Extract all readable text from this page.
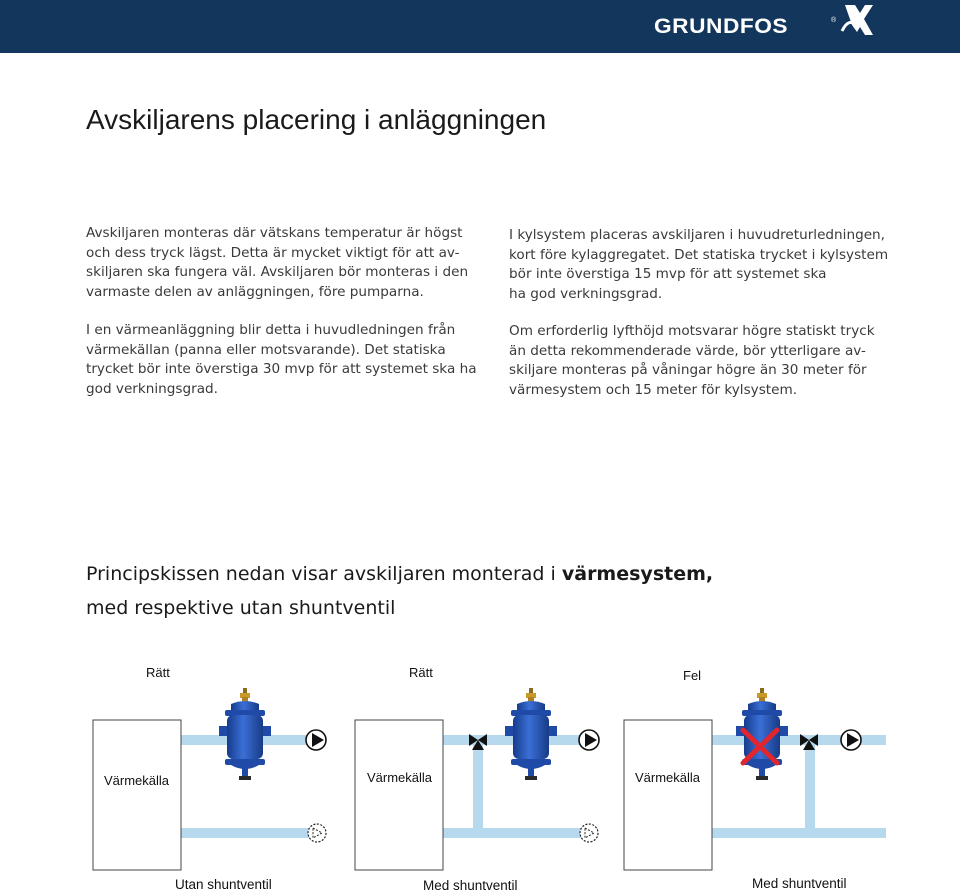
GRUNDFOS	®
Avskiljarens placering i anläggningen

Avskiljaren monteras där vätskans temperatur är högst
och dess tryck lägst. Detta är mycket viktigt för att av-
skiljaren ska fungera väl. Avskiljaren bör monteras i den
varmaste delen av anläggningen, före pumparna.

I en värmeanläggning blir detta i huvudledningen från
värmekällan (panna eller motsvarande). Det statiska
trycket bör inte överstiga 30 mvp för att systemet ska ha
god verkningsgrad.

I kylsystem placeras avskiljaren i huvudreturledningen,
kort före kylaggregatet. Det statiska trycket i kylsystem
bör inte överstiga 15 mvp för att systemet ska
ha god verkningsgrad.

Om erforderlig lyfthöjd motsvarar högre statiskt tryck
än detta rekommenderade värde, bör ytterligare av-
skiljare monteras på våningar högre än 30 meter för
värmesystem och 15 meter för kylsystem.

Principskissen nedan visar avskiljaren monterad i värmesystem,
med respektive utan shuntventil
Rätt
Värmekälla
Utan shuntventil
Rätt
Värmekälla
Med shuntventil
Fel
Värmekälla
Med shuntventil
